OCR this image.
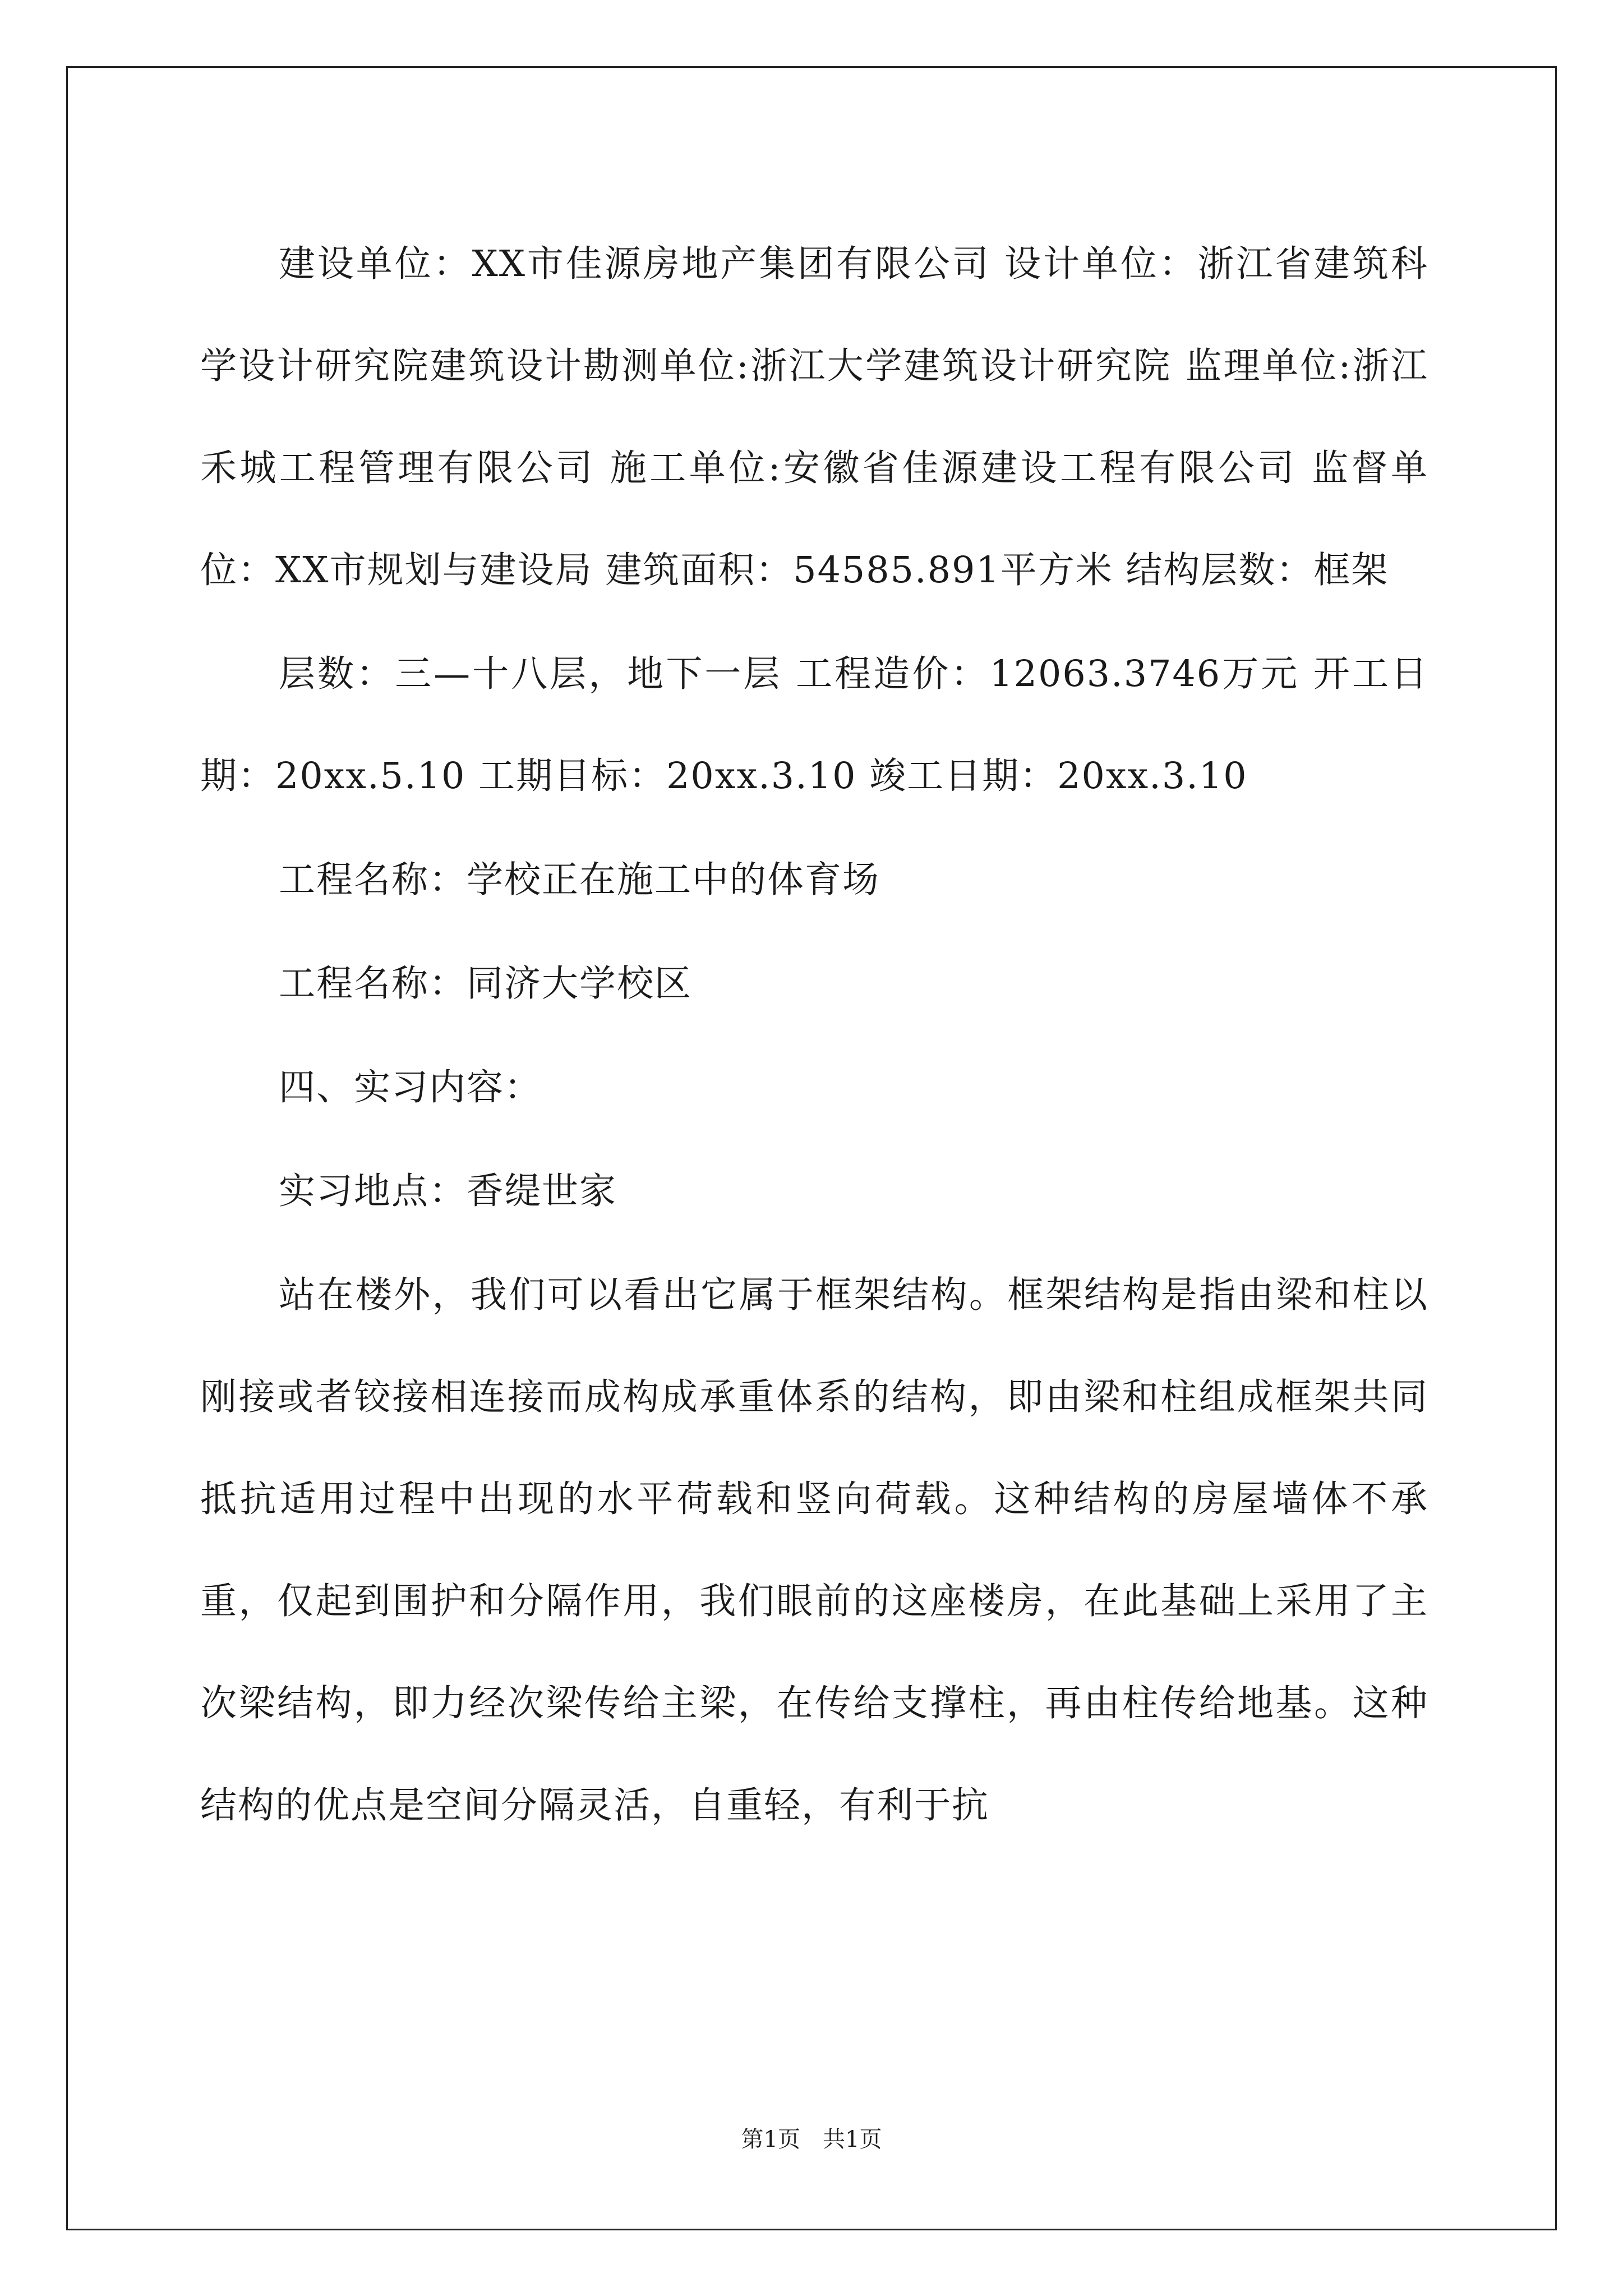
建设单位：XX市佳源房地产集团有限公司 设计单位：浙江省建筑科学设计研究院建筑设计勘测单位:浙江大学建筑设计研究院 监理单位:浙江禾城工程管理有限公司 施工单位:安徽省佳源建设工程有限公司 监督单位：XX市规划与建设局 建筑面积：54585.891平方米 结构层数：框架

层数：三—十八层，地下一层 工程造价：12063.3746万元 开工日期：20xx.5.10 工期目标：20xx.3.10 竣工日期：20xx.3.10

工程名称：学校正在施工中的体育场

工程名称：同济大学校区

四、实习内容：

实习地点：香缇世家

站在楼外，我们可以看出它属于框架结构。框架结构是指由梁和柱以刚接或者铰接相连接而成构成承重体系的结构，即由梁和柱组成框架共同抵抗适用过程中出现的水平荷载和竖向荷载。这种结构的房屋墙体不承重，仅起到围护和分隔作用，我们眼前的这座楼房，在此基础上采用了主次梁结构，即力经次梁传给主梁，在传给支撑柱，再由柱传给地基。这种结构的优点是空间分隔灵活，自重轻，有利于抗

第1页　共1页
